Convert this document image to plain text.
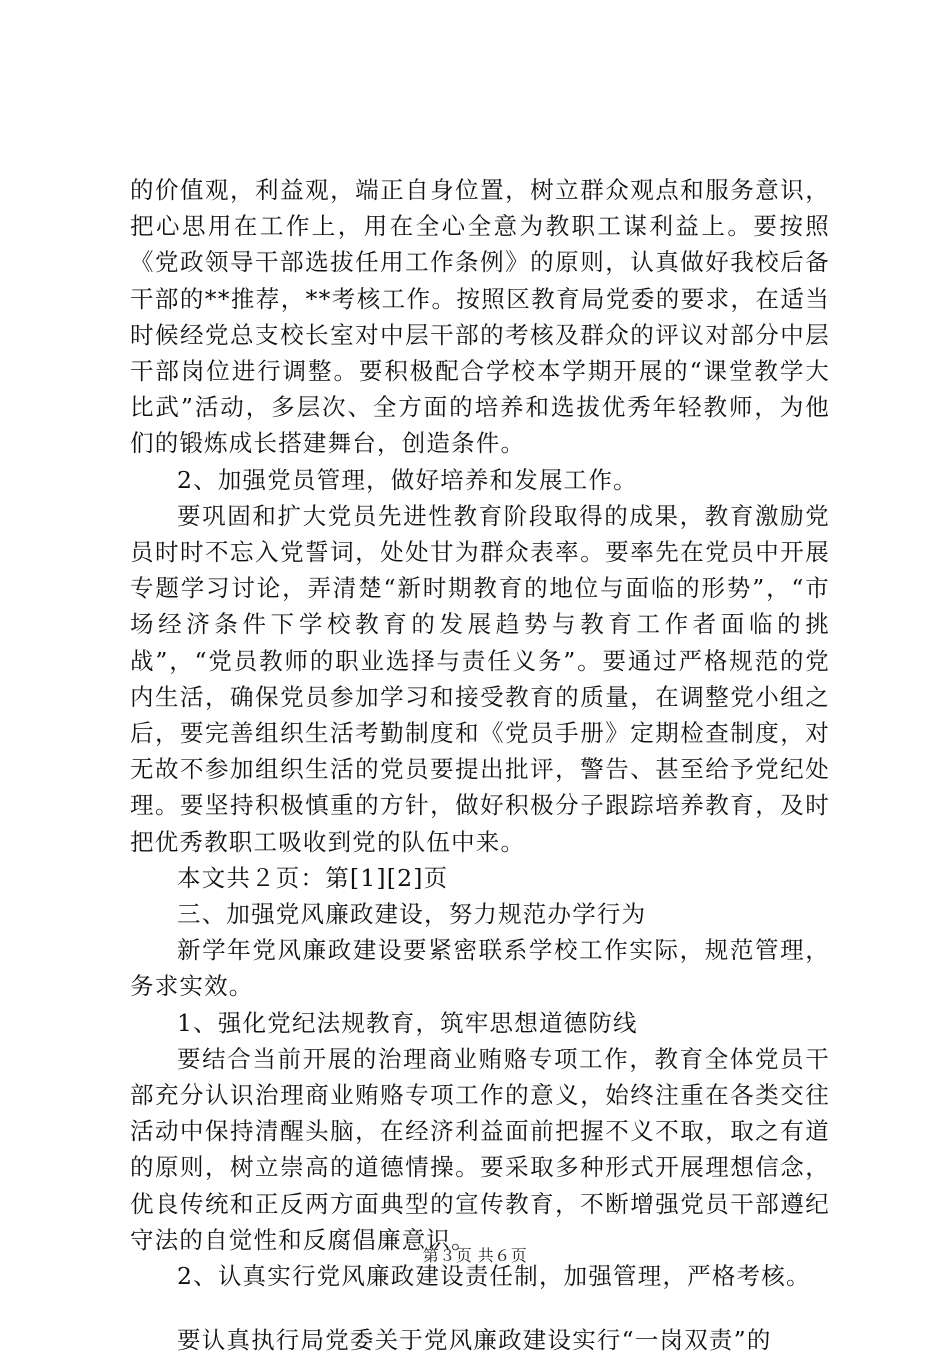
的价值观，利益观，端正自身位置，树立群众观点和服务意识，把心思用在工作上，用在全心全意为教职工谋利益上。要按照《党政领导干部选拔任用工作条例》的原则，认真做好我校后备干部的**推荐，**考核工作。按照区教育局党委的要求，在适当时候经党总支校长室对中层干部的考核及群众的评议对部分中层干部岗位进行调整。要积极配合学校本学期开展的“课堂教学大比武”活动，多层次、全方面的培养和选拔优秀年轻教师，为他们的锻炼成长搭建舞台，创造条件。

2、加强党员管理，做好培养和发展工作。

要巩固和扩大党员先进性教育阶段取得的成果，教育激励党员时时不忘入党誓词，处处甘为群众表率。要率先在党员中开展专题学习讨论，弄清楚“新时期教育的地位与面临的形势”，“市场经济条件下学校教育的发展趋势与教育工作者面临的挑战”，“党员教师的职业选择与责任义务”。要通过严格规范的党内生活，确保党员参加学习和接受教育的质量，在调整党小组之后，要完善组织生活考勤制度和《党员手册》定期检查制度，对无故不参加组织生活的党员要提出批评，警告、甚至给予党纪处理。要坚持积极慎重的方针，做好积极分子跟踪培养教育，及时把优秀教职工吸收到党的队伍中来。

本文共２页：第[1][2]页

三、加强党风廉政建设，努力规范办学行为

新学年党风廉政建设要紧密联系学校工作实际，规范管理，务求实效。

1、强化党纪法规教育，筑牢思想道德防线

要结合当前开展的治理商业贿赂专项工作，教育全体党员干部充分认识治理商业贿赂专项工作的意义，始终注重在各类交往活动中保持清醒头脑，在经济利益面前把握不义不取，取之有道的原则，树立崇高的道德情操。要采取多种形式开展理想信念，优良传统和正反两方面典型的宣传教育，不断增强党员干部遵纪守法的自觉性和反腐倡廉意识。

2、认真实行党风廉政建设责任制，加强管理，严格考核。

要认真执行局党委关于党风廉政建设实行“一岗双责”的

第３页 共６页
